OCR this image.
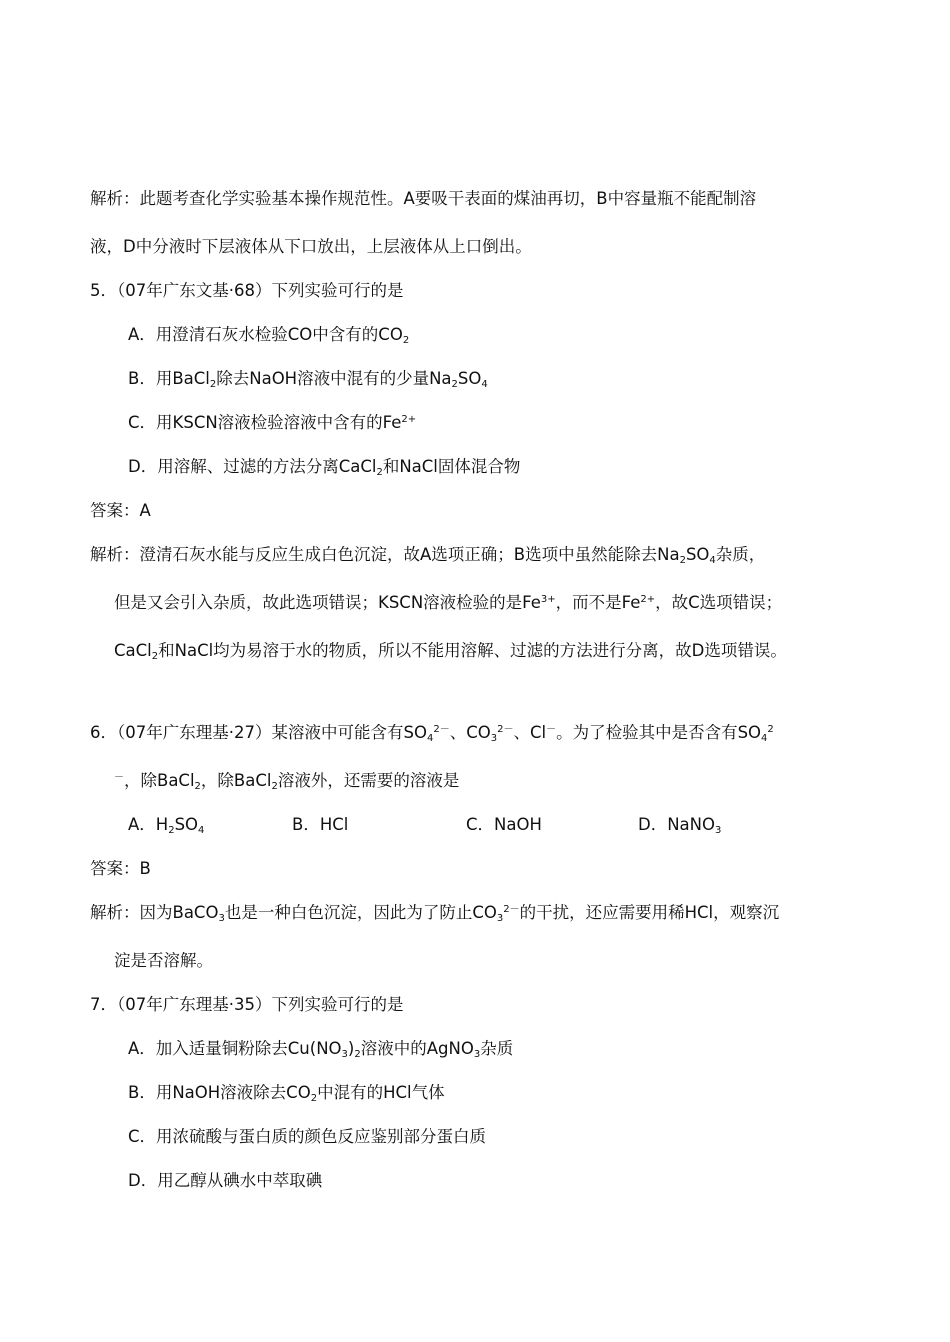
解析：此题考查化学实验基本操作规范性。A要吸干表面的煤油再切，B中容量瓶不能配制溶
液，D中分液时下层液体从下口放出，上层液体从上口倒出。
5．（07年广东文基·68）下列实验可行的是
A．用澄清石灰水检验CO中含有的$CO_2$
B．用BaCl$_2$除去NaOH溶液中混有的少量$Na_2SO_4$
C．用KSCN溶液检验溶液中含有的$Fe^{2+}$
D．用溶解、过滤的方法分离CaCl$_2$和NaCl固体混合物
答案：A
解析：澄清石灰水能与反应生成白色沉淀，故A选项正确；B选项中虽然能除去$Na_2SO_4$杂质，
但是又会引入杂质，故此选项错误；KSCN溶液检验的是$Fe^{3+}$，而不是$Fe^{2+}$，故C选项错误；
CaCl$_2$和NaCl均为易溶于水的物质，所以不能用溶解、过滤的方法进行分离，故D选项错误。
6．（07年广东理基·27）某溶液中可能含有$SO_4^{2-}$、$CO_3^{2-}$、Cl－。为了检验其中是否含有$SO_4^2$
－，除BaCl$_2$，除BaCl$_2$溶液外，还需要的溶液是
A．$H_2SO_4$	B．HCl	C．NaOH	D．NaNO$_3$
答案：B
解析：因为BaCO$_3$也是一种白色沉淀，因此为了防止$CO_3^{2-}$的干扰，还应需要用稀HCl，观察沉
淀是否溶解。
7．（07年广东理基·35）下列实验可行的是
A．加入适量铜粉除去$Cu(NO_3)_2$溶液中的AgNO$_3$杂质
B．用NaOH溶液除去$CO_2$中混有的HCl气体
C．用浓硫酸与蛋白质的颜色反应鉴别部分蛋白质
D．用乙醇从碘水中萃取碘
